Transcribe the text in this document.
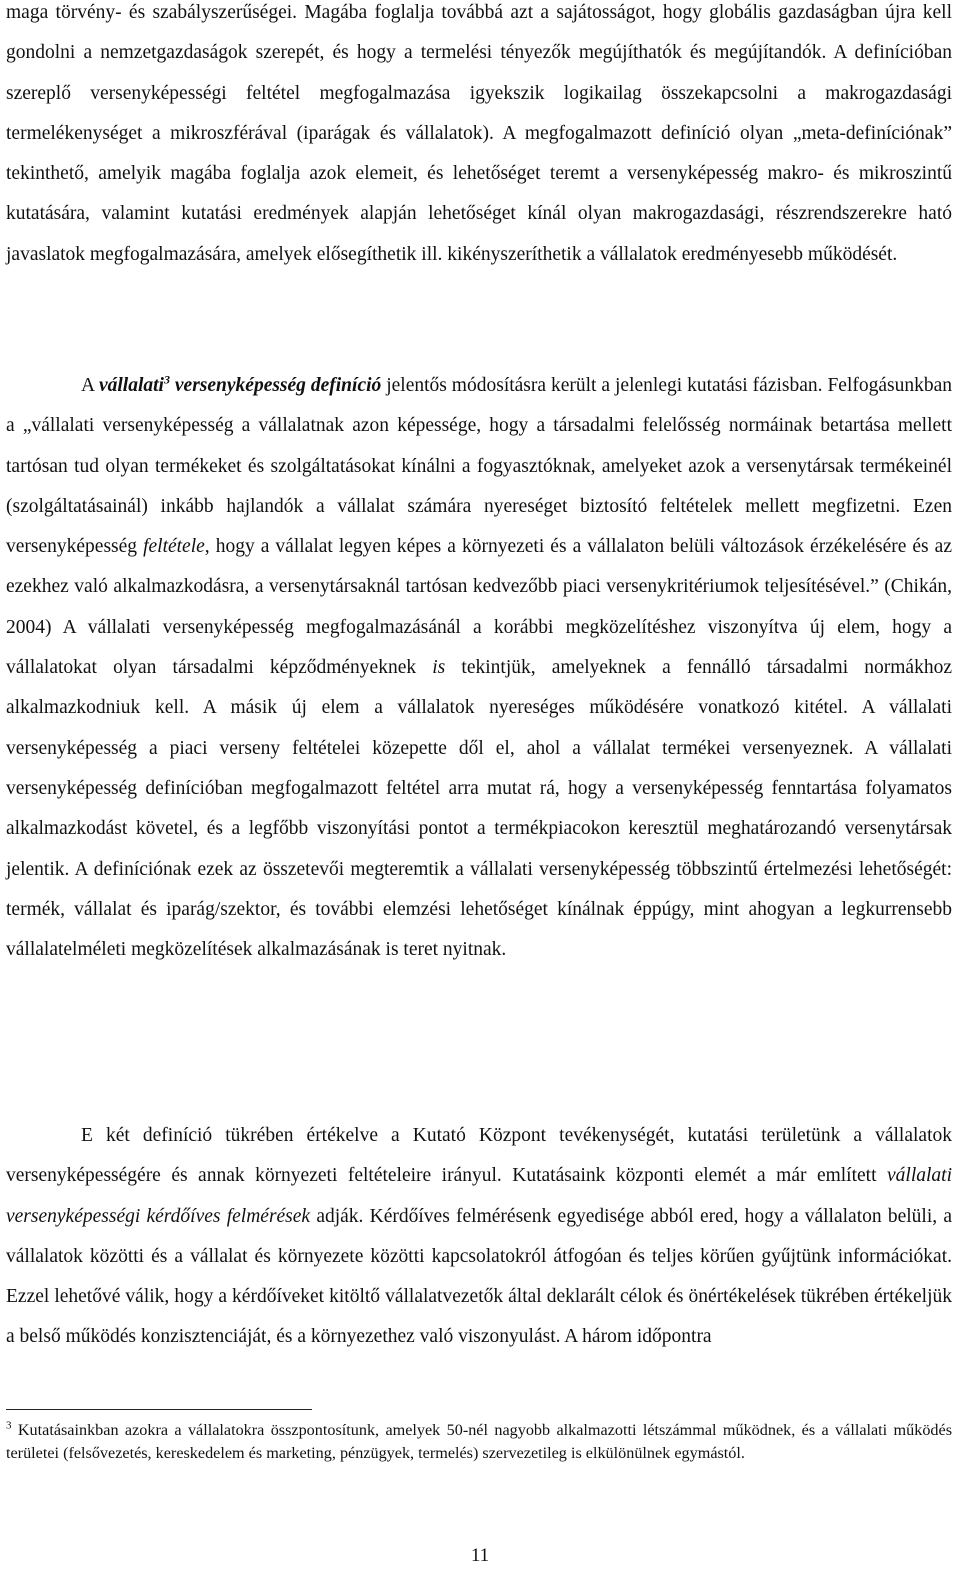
maga törvény- és szabályszerűségei. Magába foglalja továbbá azt a sajátosságot, hogy globális gazdaságban újra kell gondolni a nemzetgazdaságok szerepét, és hogy a termelési tényezők megújíthatók és megújítandók. A definícióban szereplő versenyképességi feltétel megfogalmazása igyekszik logikailag összekapcsolni a makrogazdasági termelékenységet a mikroszférával (iparágak és vállalatok). A megfogalmazott definíció olyan „meta-definíciónak” tekinthető, amelyik magába foglalja azok elemeit, és lehetőséget teremt a versenyképesség makro- és mikroszintű kutatására, valamint kutatási eredmények alapján lehetőséget kínál olyan makrogazdasági, részrendszerekre ható javaslatok megfogalmazására, amelyek elősegíthetik ill. kikényszeríthetik a vállalatok eredményesebb működését.

A vállalati$^3$ versenyképesség definíció jelentős módosításra került a jelenlegi kutatási fázisban. Felfogásunkban a „vállalati versenyképesség a vállalatnak azon képessége, hogy a társadalmi felelősség normáinak betartása mellett tartósan tud olyan termékeket és szolgáltatásokat kínálni a fogyasztóknak, amelyeket azok a versenytársak termékeinél (szolgáltatásainál) inkább hajlandók a vállalat számára nyereséget biztosító feltételek mellett megfizetni. Ezen versenyképesség feltétele, hogy a vállalat legyen képes a környezeti és a vállalaton belüli változások érzékelésére és az ezekhez való alkalmazkodásra, a versenytársaknál tartósan kedvezőbb piaci versenykritériumok teljesítésével.” (Chikán, 2004) A vállalati versenyképesség megfogalmazásánál a korábbi megközelítéshez viszonyítva új elem, hogy a vállalatokat olyan társadalmi képződményeknek is tekintjük, amelyeknek a fennálló társadalmi normákhoz alkalmazkodniuk kell. A másik új elem a vállalatok nyereséges működésére vonatkozó kitétel. A vállalati versenyképesség a piaci verseny feltételei közepette dől el, ahol a vállalat termékei versenyeznek. A vállalati versenyképesség definícióban megfogalmazott feltétel arra mutat rá, hogy a versenyképesség fenntartása folyamatos alkalmazkodást követel, és a legfőbb viszonyítási pontot a termékpiacokon keresztül meghatározandó versenytársak jelentik. A definíciónak ezek az összetevői megteremtik a vállalati versenyképesség többszintű értelmezési lehetőségét: termék, vállalat és iparág/szektor, és további elemzési lehetőséget kínálnak éppúgy, mint ahogyan a legkurrensebb vállalatelméleti megközelítések alkalmazásának is teret nyitnak.

E két definíció tükrében értékelve a Kutató Központ tevékenységét, kutatási területünk a vállalatok versenyképességére és annak környezeti feltételeire irányul. Kutatásaink központi elemét a már említett vállalati versenyképességi kérdőíves felmérések adják. Kérdőíves felmérésenk egyedisége abból ered, hogy a vállalaton belüli, a vállalatok közötti és a vállalat és környezete közötti kapcsolatokról átfogóan és teljes körűen gyűjtünk információkat. Ezzel lehetővé válik, hogy a kérdőíveket kitöltő vállalatvezetők által deklarált célok és önértékelések tükrében értékeljük a belső működés konzisztenciáját, és a környezethez való viszonyulást. A három időpontra

$^3$ Kutatásainkban azokra a vállalatokra összpontosítunk, amelyek 50-nél nagyobb alkalmazotti létszámmal működnek, és a vállalati működés területei (felsővezetés, kereskedelem és marketing, pénzügyek, termelés) szervezetileg is elkülönülnek egymástól.

11
